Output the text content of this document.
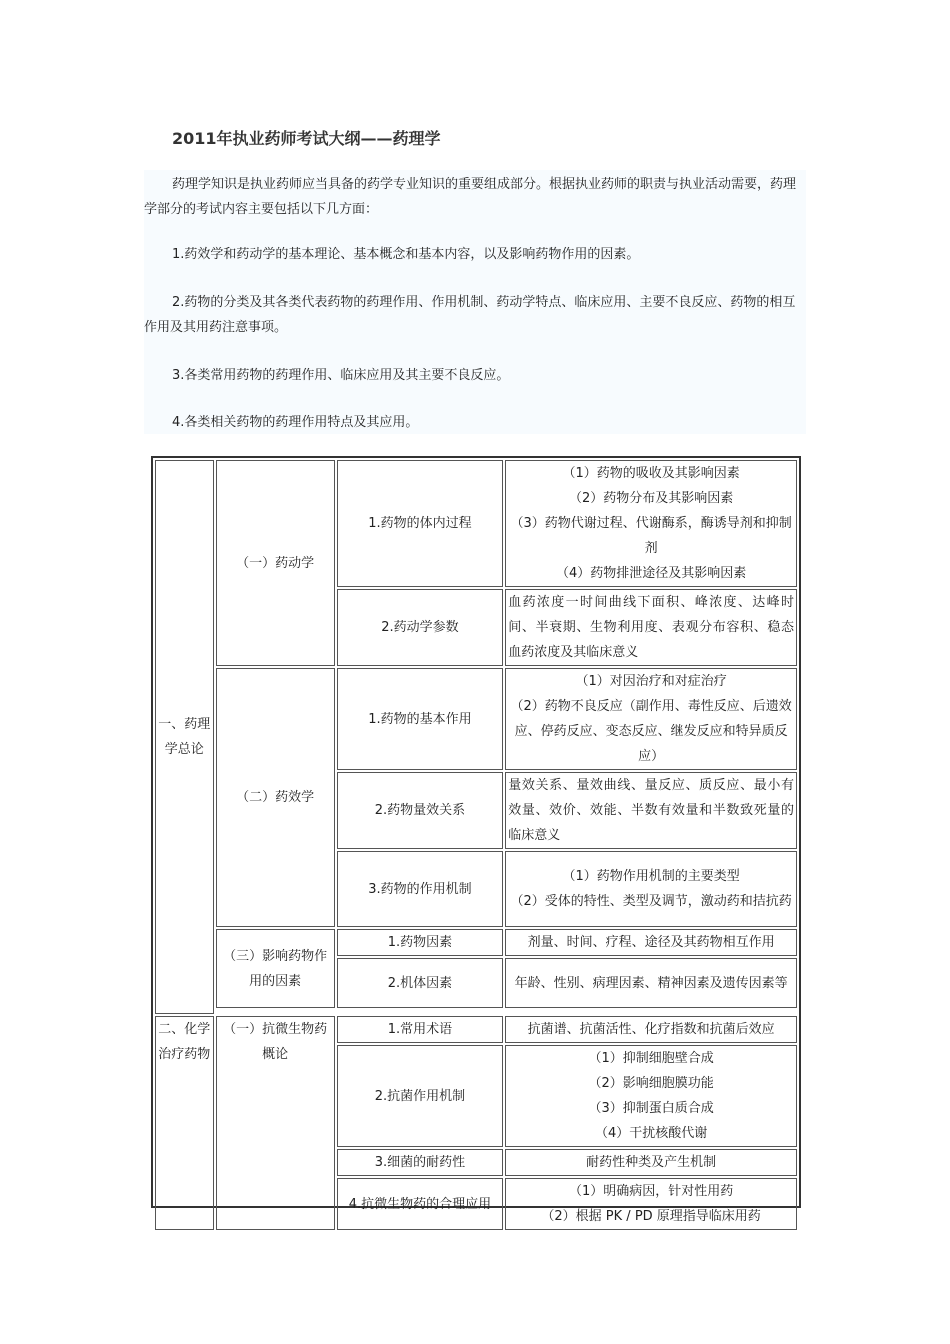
2011年执业药师考试大纲——药理学

药理学知识是执业药师应当具备的药学专业知识的重要组成部分。根据执业药师的职责与执业活动需要，药理学部分的考试内容主要包括以下几方面：

1.药效学和药动学的基本理论、基本概念和基本内容，以及影响药物作用的因素。

2.药物的分类及其各类代表药物的药理作用、作用机制、药动学特点、临床应用、主要不良反应、药物的相互作用及其用药注意事项。

3.各类常用药物的药理作用、临床应用及其主要不良反应。

4.各类相关药物的药理作用特点及其应用。

一、药理学总论	（一）药动学	1.药物的体内过程	（1）药物的吸收及其影响因素
（2）药物分布及其影响因素
（3）药物代谢过程、代谢酶系，酶诱导剂和抑制剂
（4）药物排泄途径及其影响因素

		2.药动学参数	血药浓度一时间曲线下面积、峰浓度、达峰时间、半衰期、生物利用度、表观分布容积、稳态血药浓度及其临床意义
	（二）药效学	1.药物的基本作用	（1）对因治疗和对症治疗
（2）药物不良反应（副作用、毒性反应、后遗效应、停药反应、变态反应、继发反应和特异质反应）

		2.药物量效关系	量效关系、量效曲线、量反应、质反应、最小有效量、效价、效能、半数有效量和半数致死量的临床意义
		3.药物的作用机制	（1）药物作用机制的主要类型
（2）受体的特性、类型及调节，激动药和拮抗药

	（三）影响药物作用的因素	1.药物因素	剂量、时间、疗程、途径及其药物相互作用
		2.机体因素	年龄、性别、病理因素、精神因素及遗传因素等

二、化学治疗药物	（一）抗微生物药概论	1.常用术语	抗菌谱、抗菌活性、化疗指数和抗菌后效应
		2.抗菌作用机制	（1）抑制细胞壁合成
（2）影响细胞膜功能
（3）抑制蛋白质合成
（4）干扰核酸代谢

		3.细菌的耐药性	耐药性种类及产生机制
		4.抗微生物药的合理应用	（1）明确病因，针对性用药
（2）根据 PK / PD 原理指导临床用药
